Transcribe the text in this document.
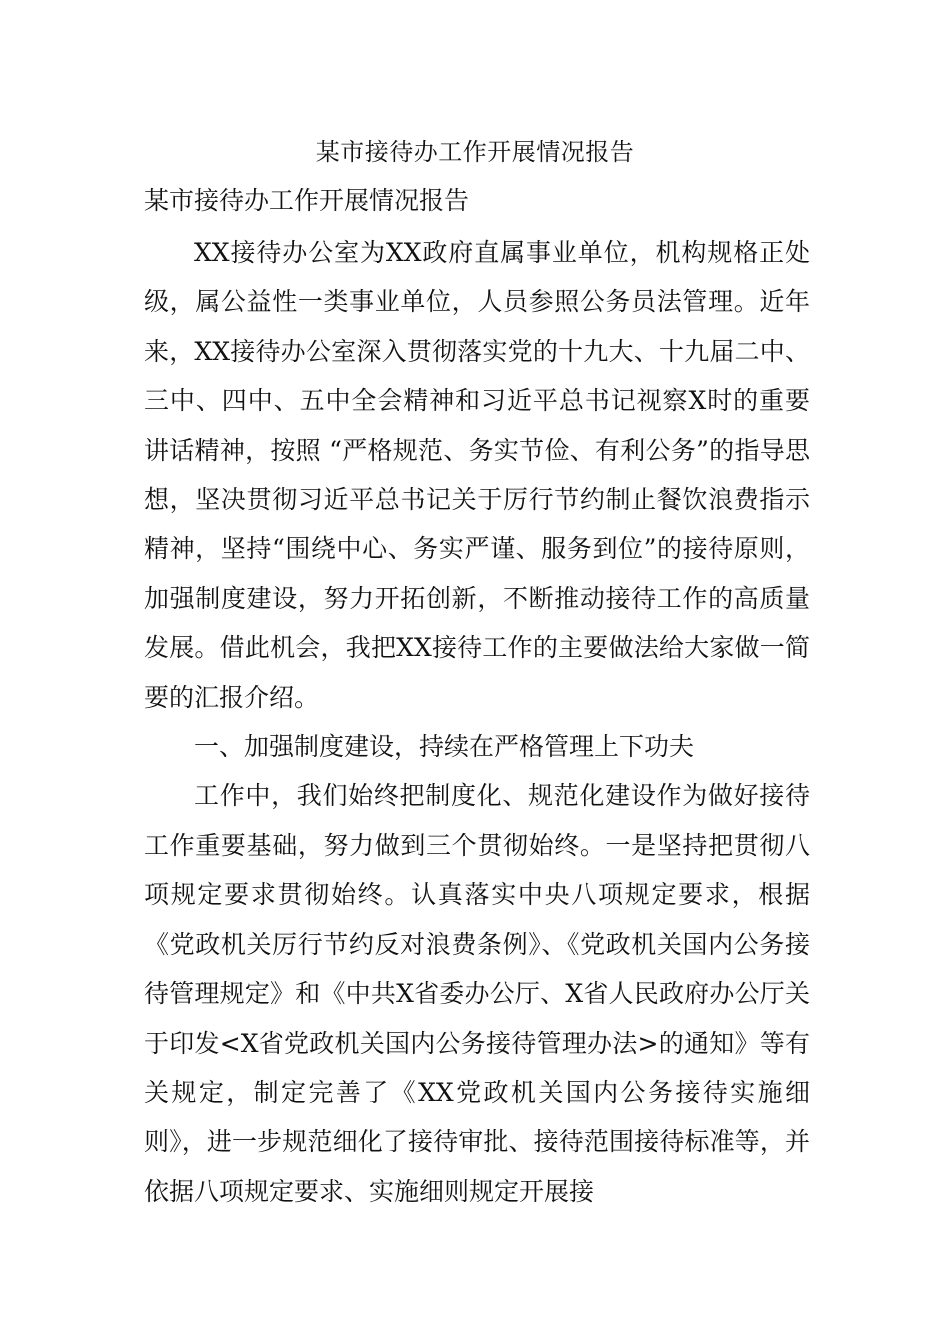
某市接待办工作开展情况报告

某市接待办工作开展情况报告

XX接待办公室为XX政府直属事业单位，机构规格正处级，属公益性一类事业单位，人员参照公务员法管理。近年来，XX接待办公室深入贯彻落实党的十九大、十九届二中、三中、四中、五中全会精神和习近平总书记视察X时的重要讲话精神，按照 “严格规范、务实节俭、有利公务”的指导思想，坚决贯彻习近平总书记关于厉行节约制止餐饮浪费指示精神，坚持“围绕中心、务实严谨、服务到位”的接待原则，加强制度建设，努力开拓创新，不断推动接待工作的高质量发展。借此机会，我把XX接待工作的主要做法给大家做一简要的汇报介绍。

一、加强制度建设，持续在严格管理上下功夫

工作中，我们始终把制度化、规范化建设作为做好接待工作重要基础，努力做到三个贯彻始终。一是坚持把贯彻八项规定要求贯彻始终。认真落实中央八项规定要求，根据《党政机关厉行节约反对浪费条例》、《党政机关国内公务接待管理规定》和《中共X省委办公厅、X省人民政府办公厅关于印发<X省党政机关国内公务接待管理办法>的通知》等有关规定，制定完善了《XX党政机关国内公务接待实施细则》，进一步规范细化了接待审批、接待范围接待标准等，并依据八项规定要求、实施细则规定开展接
